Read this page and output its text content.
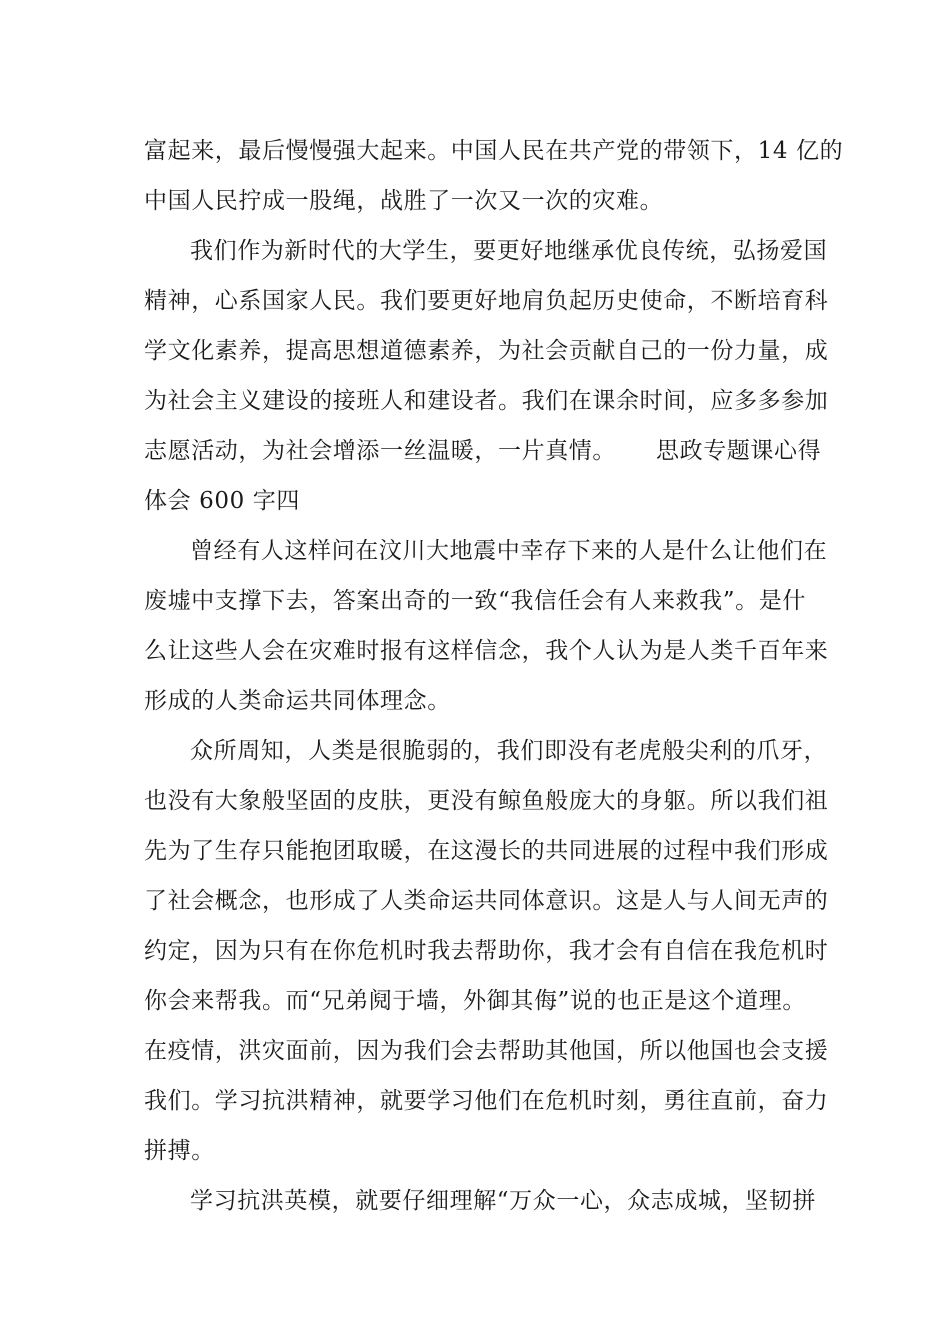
富起来，最后慢慢强大起来。中国人民在共产党的带领下，14 亿的
中国人民拧成一股绳，战胜了一次又一次的灾难。
我们作为新时代的大学生，要更好地继承优良传统，弘扬爱国
精神，心系国家人民。我们要更好地肩负起历史使命，不断培育科
学文化素养，提高思想道德素养，为社会贡献自己的一份力量，成
为社会主义建设的接班人和建设者。我们在课余时间，应多多参加
志愿活动，为社会增添一丝温暖，一片真情。 思政专题课心得
体会 600 字四
曾经有人这样问在汶川大地震中幸存下来的人是什么让他们在
废墟中支撑下去，答案出奇的一致“我信任会有人来救我”。是什
么让这些人会在灾难时报有这样信念，我个人认为是人类千百年来
形成的人类命运共同体理念。
众所周知，人类是很脆弱的，我们即没有老虎般尖利的爪牙，
也没有大象般坚固的皮肤，更没有鲸鱼般庞大的身躯。所以我们祖
先为了生存只能抱团取暖，在这漫长的共同进展的过程中我们形成
了社会概念，也形成了人类命运共同体意识。这是人与人间无声的
约定，因为只有在你危机时我去帮助你，我才会有自信在我危机时
你会来帮我。而“兄弟阋于墙，外御其侮”说的也正是这个道理。
在疫情，洪灾面前，因为我们会去帮助其他国，所以他国也会支援
我们。学习抗洪精神，就要学习他们在危机时刻，勇往直前，奋力
拼搏。
学习抗洪英模，就要仔细理解“万众一心，众志成城，坚韧拼
